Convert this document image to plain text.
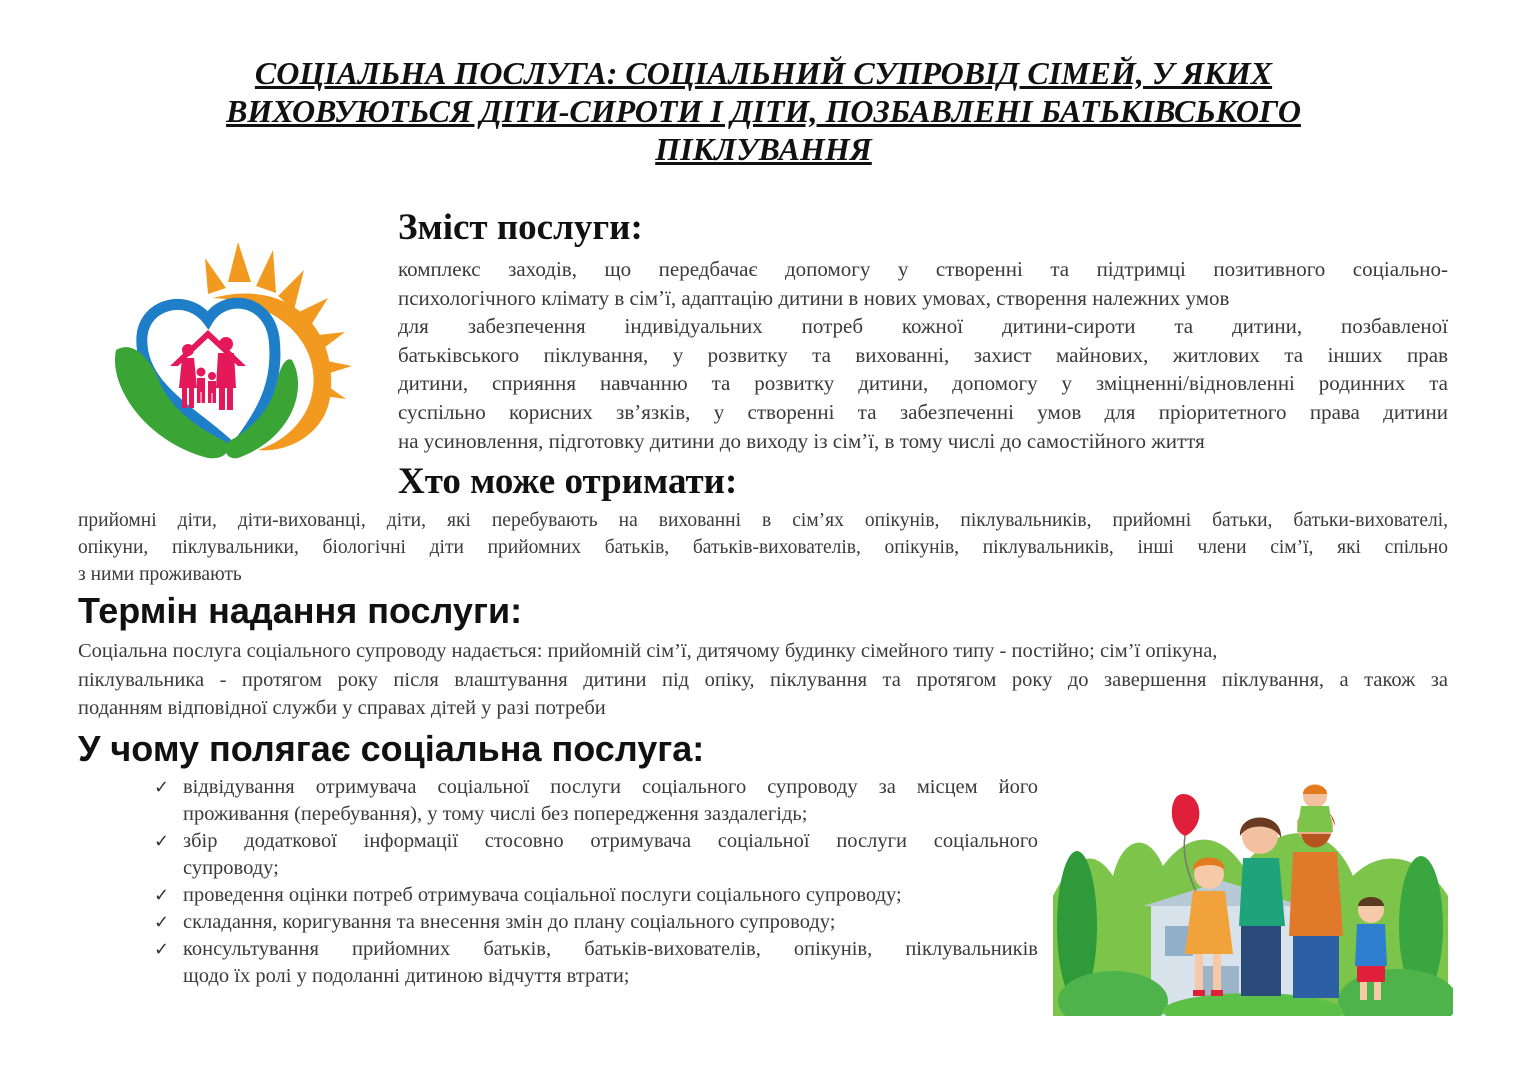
СОЦІАЛЬНА ПОСЛУГА: СОЦІАЛЬНИЙ СУПРОВІД СІМЕЙ, У ЯКИХ
ВИХОВУЮТЬСЯ ДІТИ-СИРОТИ І ДІТИ, ПОЗБАВЛЕНІ БАТЬКІВСЬКОГО
ПІКЛУВАННЯ
Зміст послуги:
комплекс заходів, що передбачає допомогу у створенні та підтримці позитивного соціально-
психологічного клімату в сім’ї, адаптацію дитини в нових умовах, створення належних умов
для забезпечення індивідуальних потреб кожної дитини-сироти та дитини, позбавленої
батьківського піклування, у розвитку та вихованні, захист майнових, житлових та інших прав
дитини, сприяння навчанню та розвитку дитини, допомогу у зміцненні/відновленні родинних та
суспільно корисних зв’язків, у створенні та забезпеченні умов для пріоритетного права дитини
на усиновлення, підготовку дитини до виходу із сім’ї, в тому числі до самостійного життя
Хто може отримати:
прийомні діти, діти-вихованці, діти, які перебувають на вихованні в сім’ях опікунів, піклувальників, прийомні батьки, батьки-вихователі,
опікуни, піклувальники, біологічні діти прийомних батьків, батьків-вихователів, опікунів, піклувальників, інші члени сім’ї, які спільно
з ними проживають
Термін надання послуги:
Соціальна послуга соціального супроводу надається: прийомній сім’ї, дитячому будинку сімейного типу - постійно; сім’ї опікуна,
піклувальника - протягом року після влаштування дитини під опіку, піклування та протягом року до завершення піклування, а також за
поданням відповідної служби у справах дітей у разі потреби
У чому полягає соціальна послуга:
✓ відвідування отримувача соціальної послуги соціального супроводу за місцем його
проживання (перебування), у тому числі без попередження заздалегідь;
✓ збір додаткової інформації стосовно отримувача соціальної послуги соціального
супроводу;
✓ проведення оцінки потреб отримувача соціальної послуги соціального супроводу;
✓ складання, коригування та внесення змін до плану соціального супроводу;
✓ консультування прийомних батьків, батьків-вихователів, опікунів, піклувальників
щодо їх ролі у подоланні дитиною відчуття втрати;
